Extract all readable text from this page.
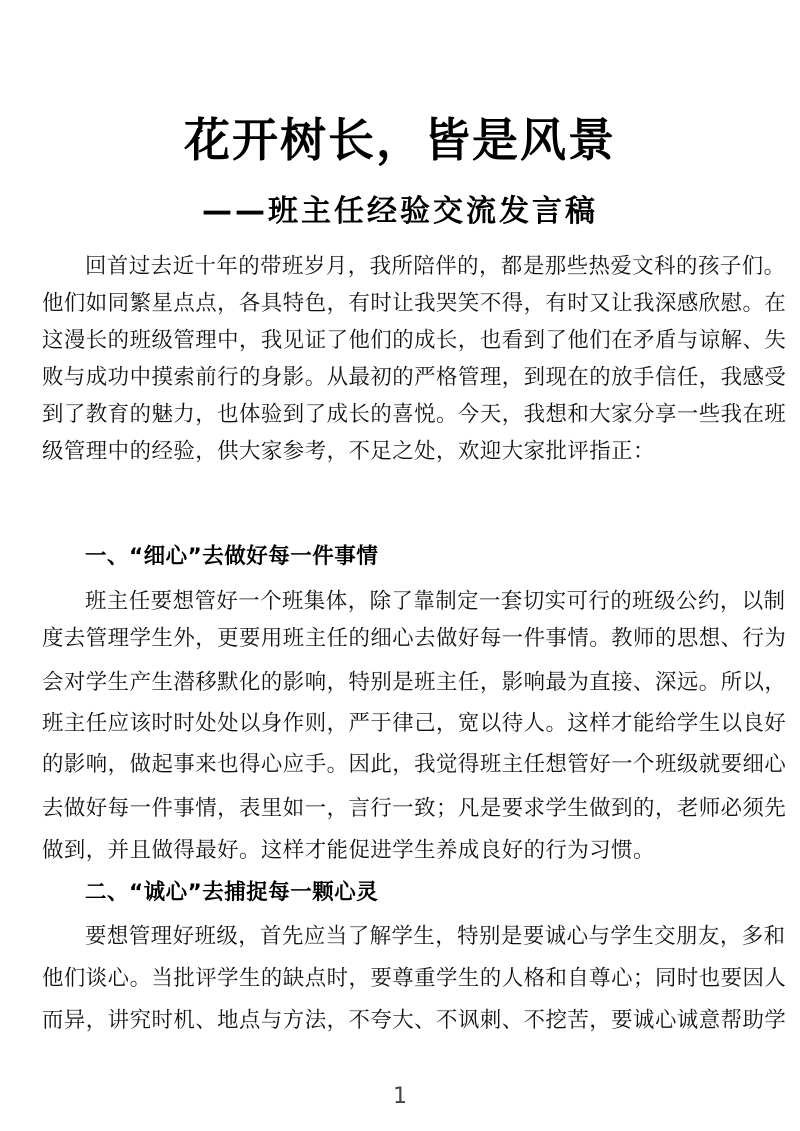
花开树长，皆是风景
——班主任经验交流发言稿
回首过去近十年的带班岁月，我所陪伴的，都是那些热爱文科的孩子们。
他们如同繁星点点，各具特色，有时让我哭笑不得，有时又让我深感欣慰。在
这漫长的班级管理中，我见证了他们的成长，也看到了他们在矛盾与谅解、失
败与成功中摸索前行的身影。从最初的严格管理，到现在的放手信任，我感受
到了教育的魅力，也体验到了成长的喜悦。今天，我想和大家分享一些我在班
级管理中的经验，供大家参考，不足之处，欢迎大家批评指正：
一、“细心”去做好每一件事情
班主任要想管好一个班集体，除了靠制定一套切实可行的班级公约，以制
度去管理学生外，更要用班主任的细心去做好每一件事情。教师的思想、行为
会对学生产生潜移默化的影响，特别是班主任，影响最为直接、深远。所以，
班主任应该时时处处以身作则，严于律己，宽以待人。这样才能给学生以良好
的影响，做起事来也得心应手。因此，我觉得班主任想管好一个班级就要细心
去做好每一件事情，表里如一，言行一致；凡是要求学生做到的，老师必须先
做到，并且做得最好。这样才能促进学生养成良好的行为习惯。
二、“诚心”去捕捉每一颗心灵
要想管理好班级，首先应当了解学生，特别是要诚心与学生交朋友，多和
他们谈心。当批评学生的缺点时，要尊重学生的人格和自尊心；同时也要因人
而异，讲究时机、地点与方法，不夸大、不讽刺、不挖苦，要诚心诚意帮助学
1
